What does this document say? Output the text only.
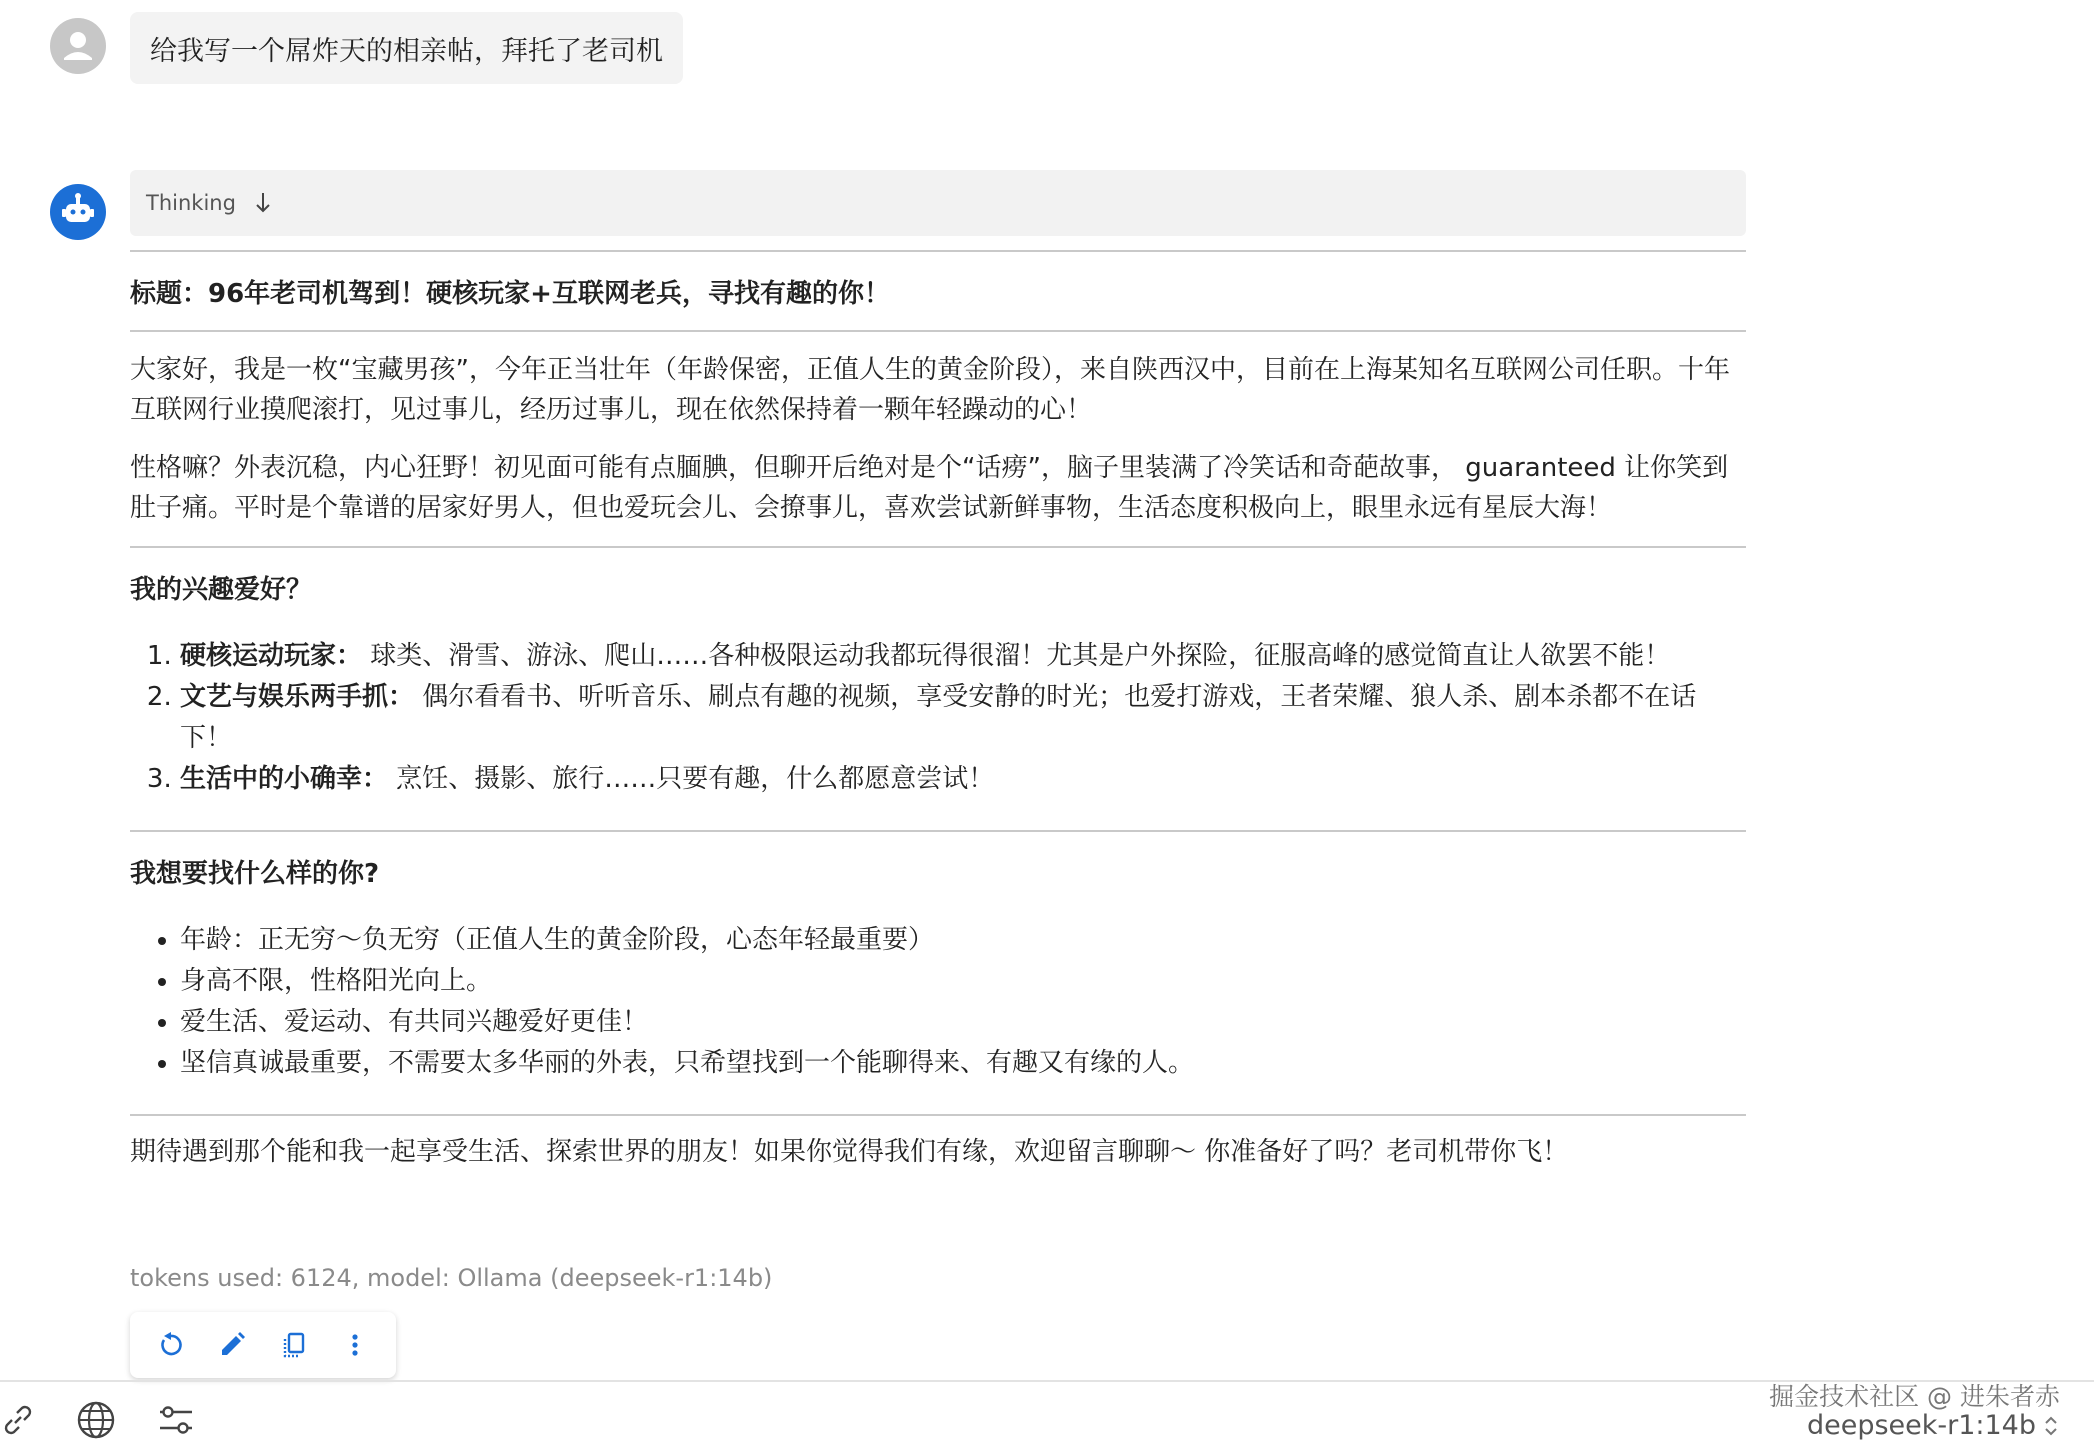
给我写一个屌炸天的相亲帖，拜托了老司机
Thinking
标题：96年老司机驾到！硬核玩家+互联网老兵，寻找有趣的你！

大家好，我是一枚“宝藏男孩”，今年正当壮年（年龄保密，正值人生的黄金阶段），来自陕西汉中，目前在上海某知名互联网公司任职。十年互联网行业摸爬滚打，见过事儿，经历过事儿，现在依然保持着一颗年轻躁动的心！

性格嘛？外表沉稳，内心狂野！初见面可能有点腼腆，但聊开后绝对是个“话痨”，脑子里装满了冷笑话和奇葩故事， guaranteed 让你笑到肚子痛。平时是个靠谱的居家好男人，但也爱玩会儿、会撩事儿，喜欢尝试新鲜事物，生活态度积极向上，眼里永远有星辰大海！

我的兴趣爱好？
1. 硬核运动玩家： 球类、滑雪、游泳、爬山……各种极限运动我都玩得很溜！尤其是户外探险，征服高峰的感觉简直让人欲罢不能！
2. 文艺与娱乐两手抓： 偶尔看看书、听听音乐、刷点有趣的视频，享受安静的时光；也爱打游戏，王者荣耀、狼人杀、剧本杀都不在话下！
3. 生活中的小确幸： 烹饪、摄影、旅行……只要有趣，什么都愿意尝试！
我想要找什么样的你?
• 年龄：正无穷～负无穷（正值人生的黄金阶段，心态年轻最重要）
• 身高不限，性格阳光向上。
• 爱生活、爱运动、有共同兴趣爱好更佳！
• 坚信真诚最重要，不需要太多华丽的外表，只希望找到一个能聊得来、有趣又有缘的人。

期待遇到那个能和我一起享受生活、探索世界的朋友！如果你觉得我们有缘，欢迎留言聊聊～ 你准备好了吗？老司机带你飞！

tokens used: 6124, model: Ollama (deepseek-r1:14b)
掘金技术社区 @ 进朱者赤
deepseek-r1:14b
